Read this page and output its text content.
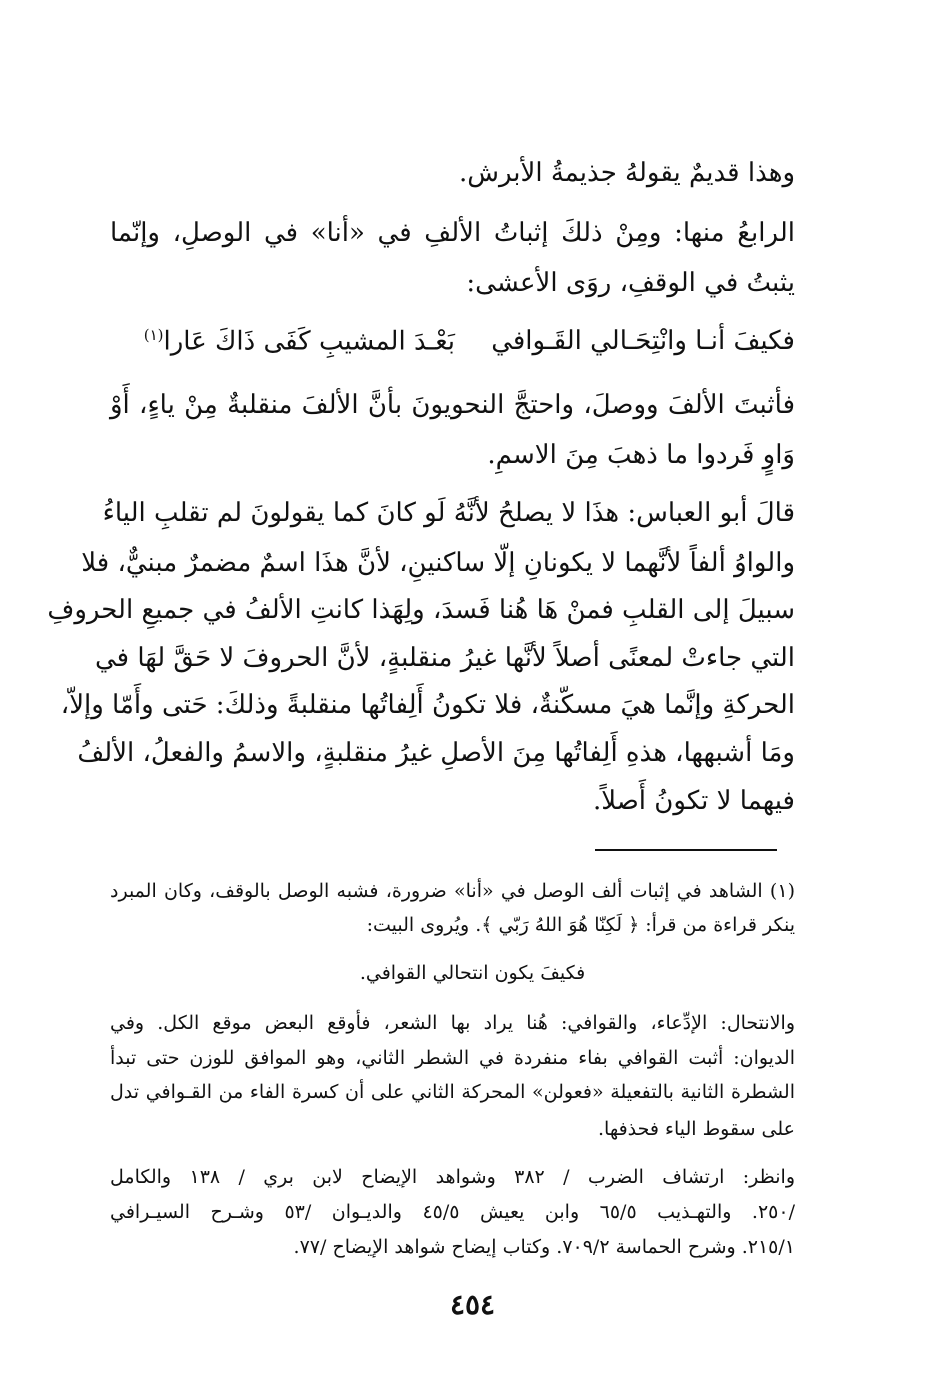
وهذا قديمٌ يقولهُ جذيمةُ الأبرش.
الرابعُ منها: ومِنْ ذلكَ إثباتُ الألفِ في «أنا» في الوصلِ، وإنّما
يثبتُ في الوقفِ، روَى الأعشى:
فكيفَ أنـا وانْتِحَـالي القَـوافي
بَعْـدَ المشيبِ كَفَى ذَاكَ عَارا$^{(١)}$
فأثبتَ الألفَ ووصلَ، واحتجَّ النحويونَ بأنَّ الألفَ منقلبةٌ مِنْ ياءٍ، أَوْ
وَاوٍ فَردوا ما ذهبَ مِنَ الاسمِ.
قالَ أبو العباس: هذَا لا يصلحُ لأنَّهُ لَو كانَ كما يقولونَ لم تقلبِ الياءُ
والواوُ ألفاً لأنَّهما لا يكونانِ إلّا ساكنينِ، لأنَّ هذَا اسمٌ مضمرٌ مبنيٌّ، فلا
سبيلَ إلى القلبِ فمنْ هَا هُنا فَسدَ، ولِهَذا كانتِ الألفُ في جميعِ الحروفِ
التي جاءتْ لمعنًى أصلاً لأنَّها غيرُ منقلبةٍ، لأنَّ الحروفَ لا حَقَّ لهَا في
الحركةِ وإنَّما هيَ مسكّنةٌ، فلا تكونُ أَلِفاتُها منقلبةً وذلكَ: حَتى وأَمّا وإلاّ،
ومَا أشبهها، هذهِ أَلِفاتُها مِنَ الأصلِ غيرُ منقلبةٍ، والاسمُ والفعلُ، الألفُ
فيهما لا تكونُ أَصلاً.
(١) الشاهد في إثبات ألف الوصل في «أنا» ضرورة، فشبه الوصل بالوقف، وكان المبرد
ينكر قراءة من قرأ: ﴿ لَكِنّا هُوَ اللهُ رَبّي ﴾. ويُروى البيت:
فكيفَ يكون انتحالي القوافي.
والانتحال: الإدِّعاء، والقوافي: هُنا يراد بها الشعر، فأوقع البعض موقع الكل. وفي
الديوان: أثبت القوافي بفاء منفردة في الشطر الثاني، وهو الموافق للوزن حتى تبدأ
الشطرة الثانية بالتفعيلة «فعولن» المحركة الثاني على أن كسرة الفاء من القـوافي تدل
على سقوط الياء فحذفها.
وانظر: ارتشاف الضرب / ٣٨٢ وشواهد الإيضاح لابن بري / ١٣٨ والكامل
/٢٥٠. والتهـذيب ٦٥/٥ وابن يعيش ٤٥/٥ والديـوان /٥٣ وشـرح السيـرافي
٢١٥/١. وشرح الحماسة ٧٠٩/٢. وكتاب إيضاح شواهد الإيضاح /٧٧.
٤٥٤
